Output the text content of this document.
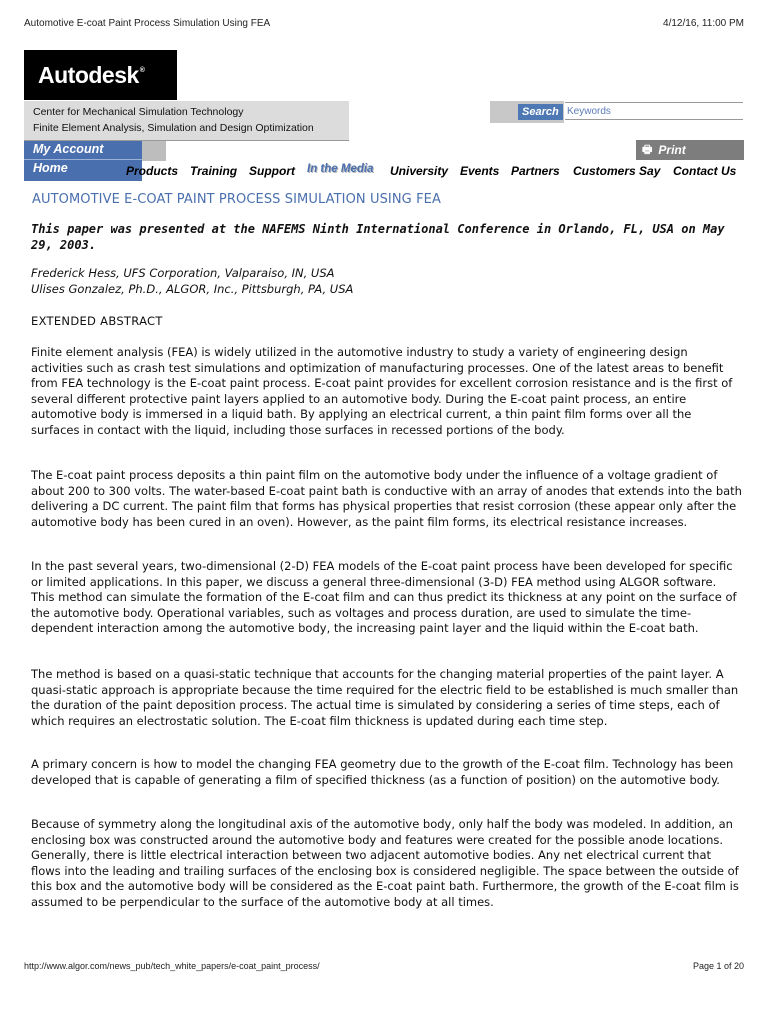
Automotive E-coat Paint Process Simulation Using FEA	4/12/16, 11:00 PM
Autodesk®
Center for Mechanical Simulation Technology
Finite Element Analysis, Simulation and Design Optimization
Search
Keywords
My Account
Home
🖶 Print
Products Training Support In the Media University Events Partners Customers Say Contact Us
AUTOMOTIVE E-COAT PAINT PROCESS SIMULATION USING FEA
This paper was presented at the NAFEMS Ninth International Conference in Orlando, FL, USA on May 29, 2003.
Frederick Hess, UFS Corporation, Valparaiso, IN, USA
Ulises Gonzalez, Ph.D., ALGOR, Inc., Pittsburgh, PA, USA
EXTENDED ABSTRACT

Finite element analysis (FEA) is widely utilized in the automotive industry to study a variety of engineering design activities such as crash test simulations and optimization of manufacturing processes. One of the latest areas to benefit from FEA technology is the E-coat paint process. E-coat paint provides for excellent corrosion resistance and is the first of several different protective paint layers applied to an automotive body. During the E-coat paint process, an entire automotive body is immersed in a liquid bath. By applying an electrical current, a thin paint film forms over all the surfaces in contact with the liquid, including those surfaces in recessed portions of the body.

The E-coat paint process deposits a thin paint film on the automotive body under the influence of a voltage gradient of about 200 to 300 volts. The water-based E-coat paint bath is conductive with an array of anodes that extends into the bath delivering a DC current. The paint film that forms has physical properties that resist corrosion (these appear only after the automotive body has been cured in an oven). However, as the paint film forms, its electrical resistance increases.

In the past several years, two-dimensional (2-D) FEA models of the E-coat paint process have been developed for specific or limited applications. In this paper, we discuss a general three-dimensional (3-D) FEA method using ALGOR software. This method can simulate the formation of the E-coat film and can thus predict its thickness at any point on the surface of the automotive body. Operational variables, such as voltages and process duration, are used to simulate the time-dependent interaction among the automotive body, the increasing paint layer and the liquid within the E-coat bath.

The method is based on a quasi-static technique that accounts for the changing material properties of the paint layer. A quasi-static approach is appropriate because the time required for the electric field to be established is much smaller than the duration of the paint deposition process. The actual time is simulated by considering a series of time steps, each of which requires an electrostatic solution. The E-coat film thickness is updated during each time step.

A primary concern is how to model the changing FEA geometry due to the growth of the E-coat film. Technology has been developed that is capable of generating a film of specified thickness (as a function of position) on the automotive body.

Because of symmetry along the longitudinal axis of the automotive body, only half the body was modeled. In addition, an enclosing box was constructed around the automotive body and features were created for the possible anode locations. Generally, there is little electrical interaction between two adjacent automotive bodies. Any net electrical current that flows into the leading and trailing surfaces of the enclosing box is considered negligible. The space between the outside of this box and the automotive body will be considered as the E-coat paint bath. Furthermore, the growth of the E-coat film is assumed to be perpendicular to the surface of the automotive body at all times.

http://www.algor.com/news_pub/tech_white_papers/e-coat_paint_process/	Page 1 of 20
